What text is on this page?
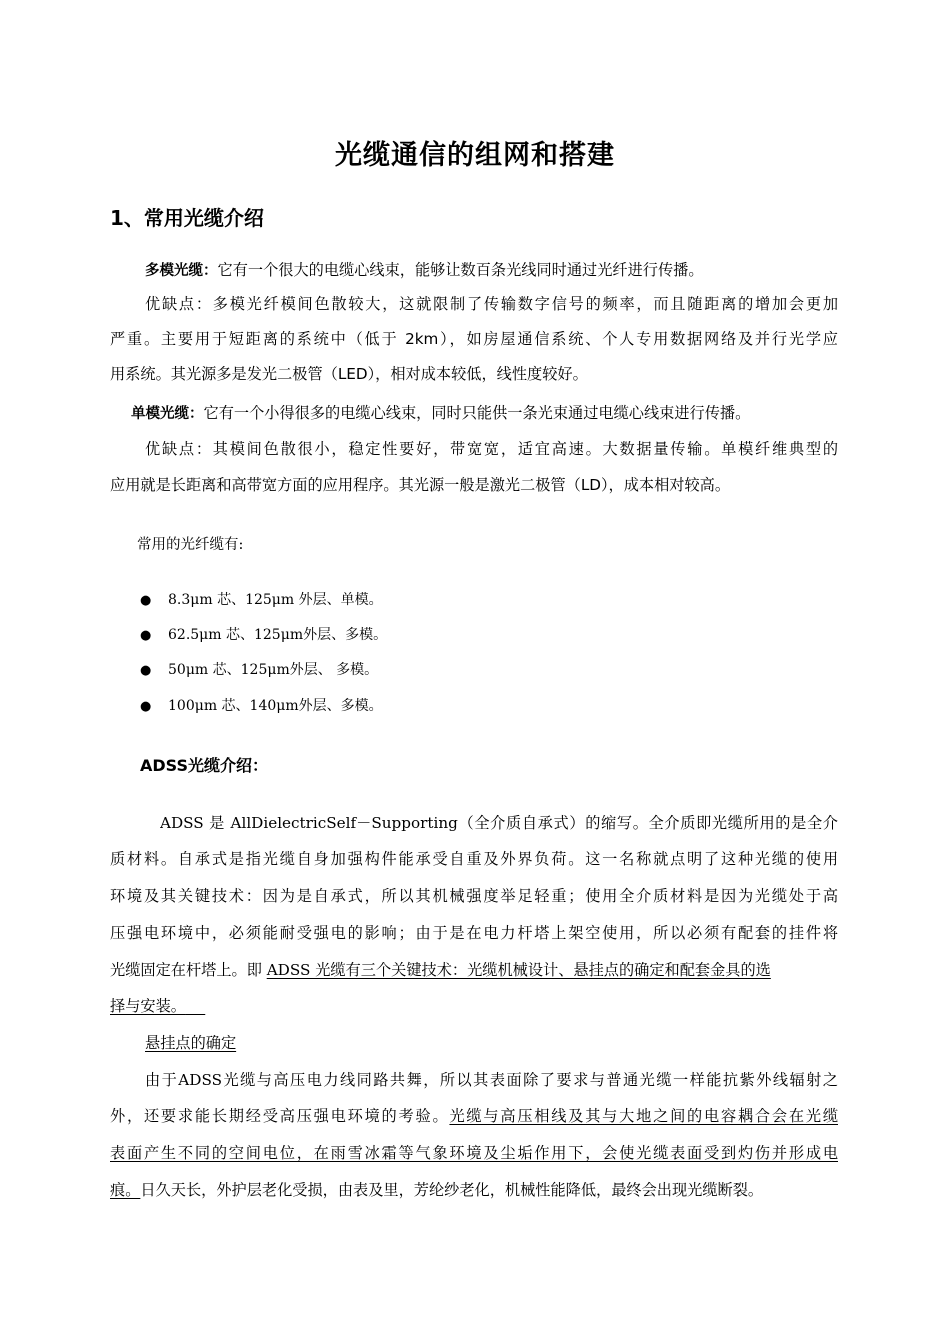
光缆通信的组网和搭建
1、常用光缆介绍
多模光缆：它有一个很大的电缆心线束，能够让数百条光线同时通过光纤进行传播。
优缺点：多模光纤模间色散较大，这就限制了传输数字信号的频率，而且随距离的增加会更加
严重。主要用于短距离的系统中（低于 2km），如房屋通信系统、个人专用数据网络及并行光学应
用系统。其光源多是发光二极管（LED），相对成本较低，线性度较好。
单模光缆：它有一个小得很多的电缆心线束，同时只能供一条光束通过电缆心线束进行传播。
优缺点：其模间色散很小，稳定性要好，带宽宽，适宜高速。大数据量传输。单模纤维典型的
应用就是长距离和高带宽方面的应用程序。其光源一般是激光二极管（LD），成本相对较高。
常用的光纤缆有:
● 8.3μm 芯、125μm 外层、单模。
● 62.5μm 芯、125μm外层、多模。
● 50μm 芯、125μm外层、 多模。
● 100μm 芯、140μm外层、多模。
ADSS光缆介绍：
ADSS 是 AllDielectricSelf－Supporting（全介质自承式）的缩写。全介质即光缆所用的是全介
质材料。自承式是指光缆自身加强构件能承受自重及外界负荷。这一名称就点明了这种光缆的使用
环境及其关键技术：因为是自承式，所以其机械强度举足轻重；使用全介质材料是因为光缆处于高
压强电环境中，必须能耐受强电的影响；由于是在电力杆塔上架空使用，所以必须有配套的挂件将
光缆固定在杆塔上。即 ADSS 光缆有三个关键技术：光缆机械设计、悬挂点的确定和配套金具的选
择与安装。
悬挂点的确定
由于ADSS光缆与高压电力线同路共舞，所以其表面除了要求与普通光缆一样能抗紫外线辐射之
外，还要求能长期经受高压强电环境的考验。光缆与高压相线及其与大地之间的电容耦合会在光缆
表面产生不同的空间电位，在雨雪冰霜等气象环境及尘垢作用下，会使光缆表面受到灼伤并形成电
痕。日久天长，外护层老化受损，由表及里，芳纶纱老化，机械性能降低，最终会出现光缆断裂。
